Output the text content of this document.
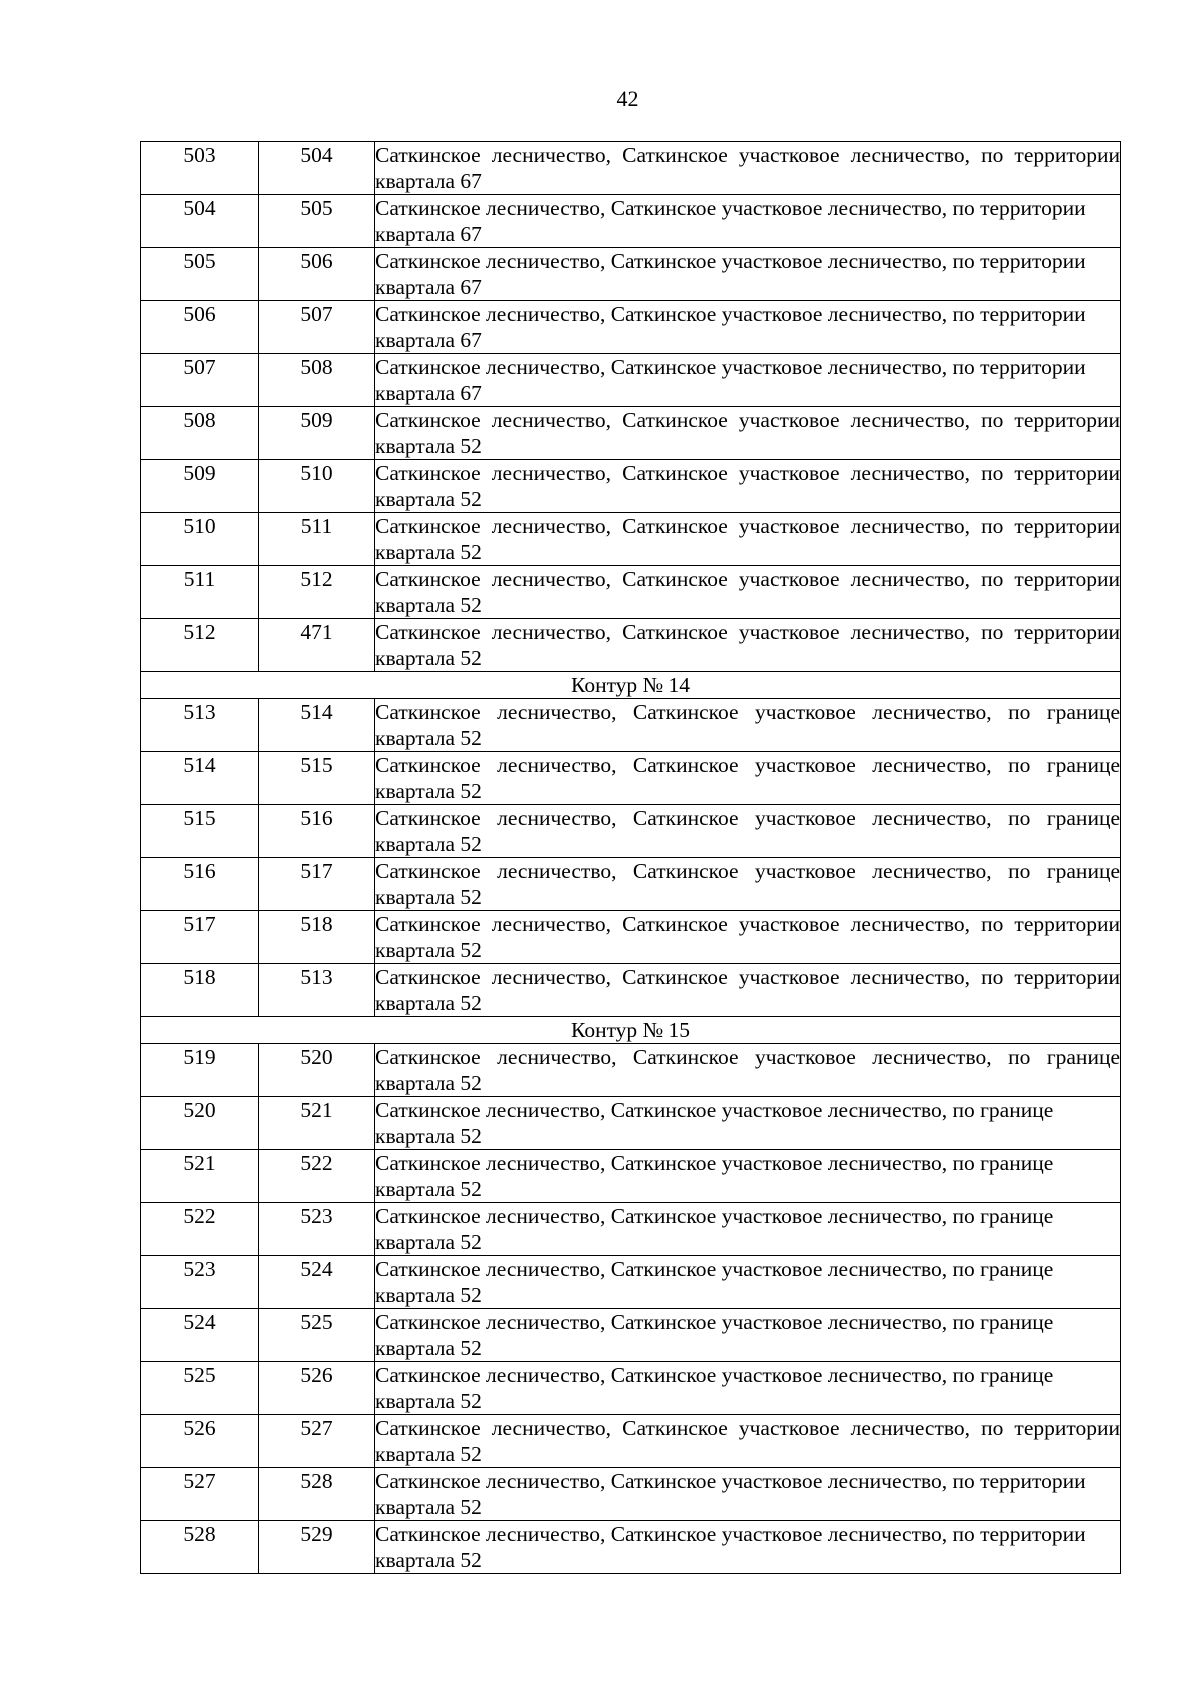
42
503	504	Саткинское лесничество, Саткинское участковое лесничество, по территории квартала 67
504	505	Саткинское лесничество, Саткинское участковое лесничество, по территории квартала 67
505	506	Саткинское лесничество, Саткинское участковое лесничество, по территории квартала 67
506	507	Саткинское лесничество, Саткинское участковое лесничество, по территории квартала 67
507	508	Саткинское лесничество, Саткинское участковое лесничество, по территории квартала 67
508	509	Саткинское лесничество, Саткинское участковое лесничество, по территории квартала 52
509	510	Саткинское лесничество, Саткинское участковое лесничество, по территории квартала 52
510	511	Саткинское лесничество, Саткинское участковое лесничество, по территории квартала 52
511	512	Саткинское лесничество, Саткинское участковое лесничество, по территории квартала 52
512	471	Саткинское лесничество, Саткинское участковое лесничество, по территории квартала 52
Контур № 14		
513	514	Саткинское лесничество, Саткинское участковое лесничество, по границе квартала 52
514	515	Саткинское лесничество, Саткинское участковое лесничество, по границе квартала 52
515	516	Саткинское лесничество, Саткинское участковое лесничество, по границе квартала 52
516	517	Саткинское лесничество, Саткинское участковое лесничество, по границе квартала 52
517	518	Саткинское лесничество, Саткинское участковое лесничество, по территории квартала 52
518	513	Саткинское лесничество, Саткинское участковое лесничество, по территории квартала 52
Контур № 15		
519	520	Саткинское лесничество, Саткинское участковое лесничество, по границе квартала 52
520	521	Саткинское лесничество, Саткинское участковое лесничество, по границе квартала 52
521	522	Саткинское лесничество, Саткинское участковое лесничество, по границе квартала 52
522	523	Саткинское лесничество, Саткинское участковое лесничество, по границе квартала 52
523	524	Саткинское лесничество, Саткинское участковое лесничество, по границе квартала 52
524	525	Саткинское лесничество, Саткинское участковое лесничество, по границе квартала 52
525	526	Саткинское лесничество, Саткинское участковое лесничество, по границе квартала 52
526	527	Саткинское лесничество, Саткинское участковое лесничество, по территории квартала 52
527	528	Саткинское лесничество, Саткинское участковое лесничество, по территории квартала 52
528	529	Саткинское лесничество, Саткинское участковое лесничество, по территории квартала 52
